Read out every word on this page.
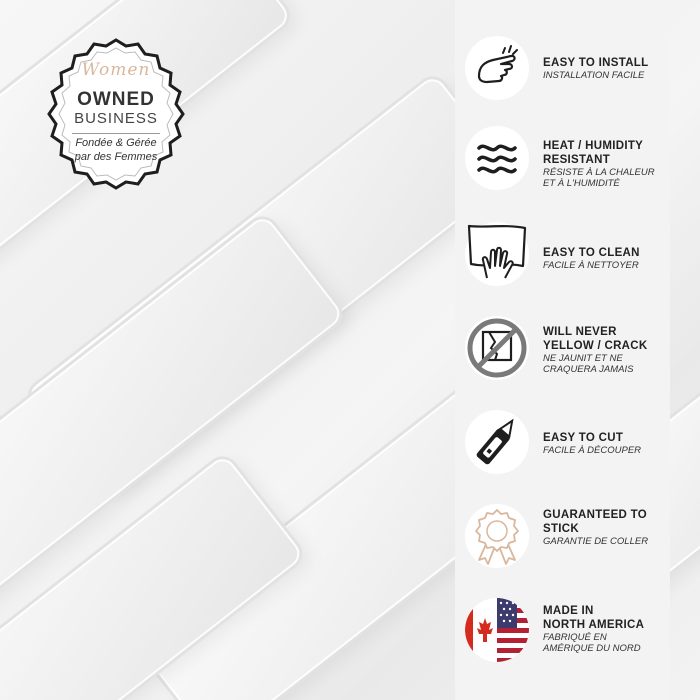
Women
OWNED
BUSINESS
Fondée & Gérée
par des Femmes
EASY TO INSTALL
INSTALLATION FACILE
HEAT / HUMIDITY
RESISTANT
RÉSISTE À LA CHALEUR
ET À L'HUMIDITÉ
EASY TO CLEAN
FACILE À NETTOYER
WILL NEVER
YELLOW / CRACK
NE JAUNIT ET NE
CRAQUERA JAMAIS
EASY TO CUT
FACILE À DÉCOUPER
GUARANTEED TO
STICK
GARANTIE DE COLLER
MADE IN
NORTH AMERICA
FABRIQUÉ EN
AMÉRIQUE DU NORD
